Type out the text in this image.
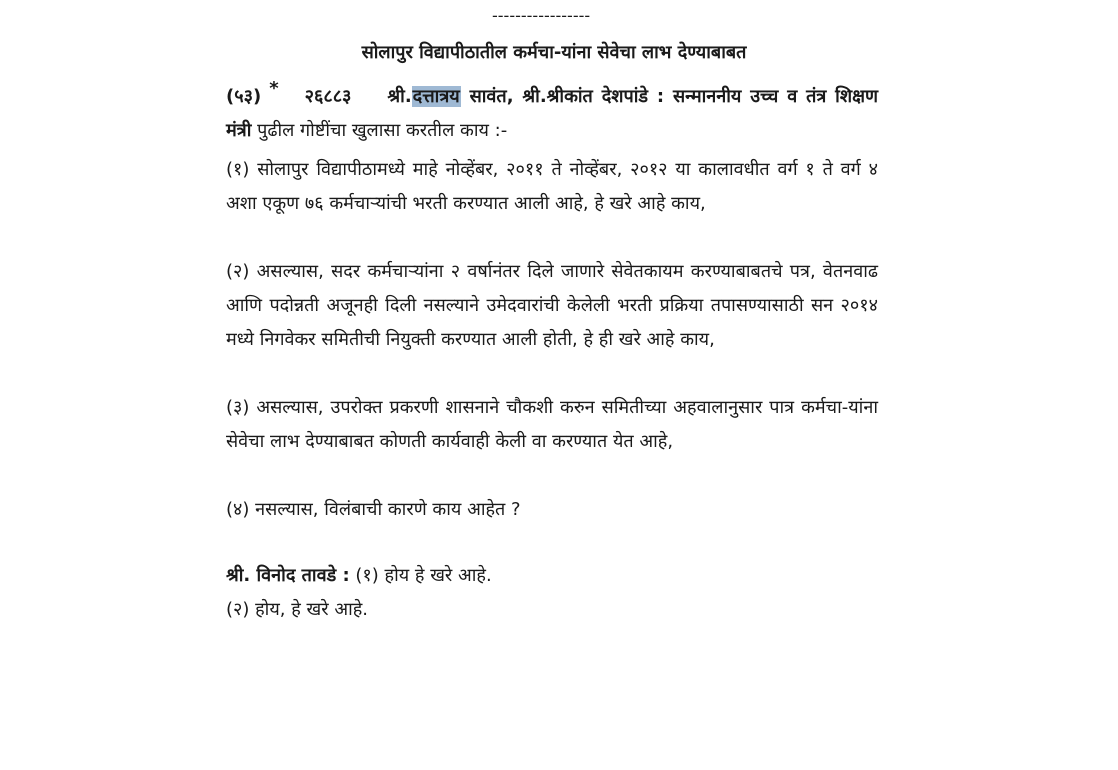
-----------------
सोलापुर विद्यापीठातील कर्मचा-यांना सेवेचा लाभ देण्याबाबत
(५३) * २६८८३ श्री.दत्तात्रय सावंत, श्री.श्रीकांत देशपांडे : सन्माननीय उच्च व तंत्र शिक्षण मंत्री पुढील गोष्टींचा खुलासा करतील काय :-
(१) सोलापुर विद्यापीठामध्ये माहे नोव्हेंबर, २०११ ते नोव्हेंबर, २०१२ या कालावधीत वर्ग १ ते वर्ग ४ अशा एकूण ७६ कर्मचाऱ्यांची भरती करण्यात आली आहे, हे खरे आहे काय,
(२) असल्यास, सदर कर्मचाऱ्यांना २ वर्षानंतर दिले जाणारे सेवेतकायम करण्याबाबतचे पत्र, वेतनवाढ आणि पदोन्नती अजूनही दिली नसल्याने उमेदवारांची केलेली भरती प्रक्रिया तपासण्यासाठी सन २०१४ मध्ये निगवेकर समितीची नियुक्ती करण्यात आली होती, हे ही खरे आहे काय,
(३) असल्यास, उपरोक्त प्रकरणी शासनाने चौकशी करुन समितीच्या अहवालानुसार पात्र कर्मचा-यांना सेवेचा लाभ देण्याबाबत कोणती कार्यवाही केली वा करण्यात येत आहे,
(४) नसल्यास, विलंबाची कारणे काय आहेत ?
श्री. विनोद तावडे : (१) होय हे खरे आहे.
(२) होय, हे खरे आहे.
